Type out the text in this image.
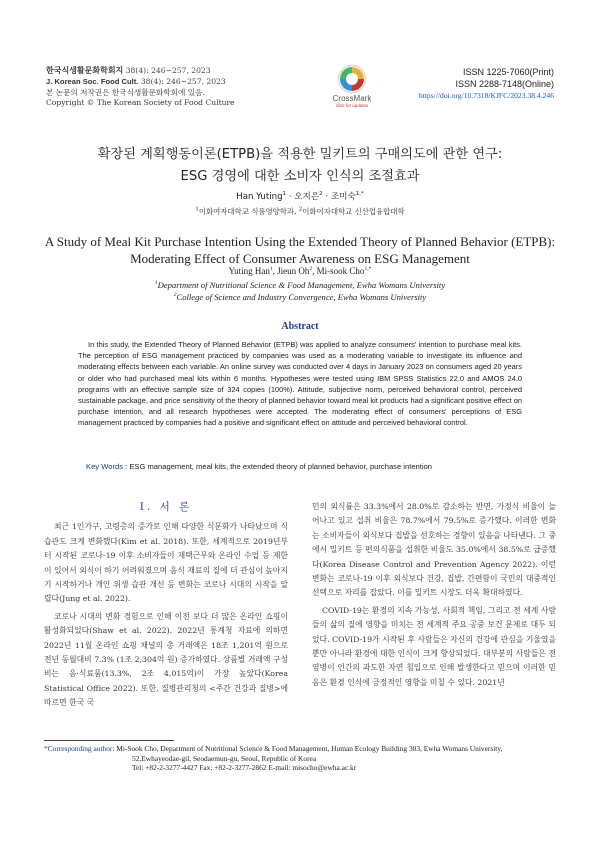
한국식생활문화학회지 38(4): 246~257, 2023
J. Korean Soc. Food Cult. 38(4): 246~257, 2023
본 논문의 저작권은 한국식생활문화학회에 있음.
Copyright © The Korean Society of Food Culture	CrossMark
click for updates
ISSN 1225-7060(Print)
ISSN 2288-7148(Online)
https://doi.org/10.7318/KJFC/2023.38.4.246
확장된 계획행동이론(ETPB)을 적용한 밀키트의 구매의도에 관한 연구:
ESG 경영에 대한 소비자 인식의 조절효과
Han Yuting$^1$ · 오지은$^2$ · 조미숙$^{1,*}$
$^1$이화여자대학교 식품영양학과, $^2$이화여자대학교 신산업융합대학
A Study of Meal Kit Purchase Intention Using the Extended Theory of Planned Behavior (ETPB):
Moderating Effect of Consumer Awareness on ESG Management
Yuting Han$^1$, Jieun Oh$^2$, Mi-sook Cho$^{1,*}$
$^1$Department of Nutritional Science & Food Management, Ewha Womans University
$^2$College of Science and Industry Convergence, Ewha Womans University
Abstract
In this study, the Extended Theory of Planned Behavior (ETPB) was applied to analyze consumers' intention to purchase meal kits. The perception of ESG management practiced by companies was used as a moderating variable to investigate its influence and moderating effects between each variable. An online survey was conducted over 4 days in January 2023 on consumers aged 20 years or older who had purchased meal kits within 6 months. Hypotheses were tested using IBM SPSS Statistics 22.0 and AMOS 24.0 programs with an effective sample size of 324 copies (100%). Attitude, subjective norm, perceived behavioral control, perceived sustainable package, and price sensitivity of the theory of planned behavior toward meal kit products had a significant positive effect on purchase intention, and all research hypotheses were accepted. The moderating effect of consumers' perceptions of ESG management practiced by companies had a positive and significant effect on attitude and perceived behavioral control.
Key Words : ESG management, meal kits, the extended theory of planned behavior, purchase intention
Ⅰ. 서 론

최근 1인가구, 고령층의 증가로 인해 다양한 식문화가 나타났으며 식습관도 크게 변화했다(Kim et al. 2018). 또한, 세계적으로 2019년부터 시작된 코로나-19 이후 소비자들이 재택근무와 온라인 수업 등 제한이 있어서 외식이 하기 어려워졌으며 음식 재료의 질에 더 관심이 높아지기 시작하거나 개인 위생 습관 개선 등 변화는 코로나 시대의 시작을 알렸다(Jung et al. 2022).

코로나 시대의 변화 경험으로 인해 이전 보다 더 많은 온라인 쇼핑이 활성화되었다(Shaw et al. 2022). 2022년 통계청 자료에 의하면 2022년 11월 온라인 쇼핑 채널의 총 거래액은 18조 1,201억 원으로 전년 동월대비 7.3% (1조 2,304억 원) 증가하였다. 상품별 거래액 구성비는 음·식료품(13.3%, 2조 4,015억)이 가장 높았다(Korea Statistical Office 2022). 또한, 질병관리청의 <주간 건강과 질병>에 따르면 한국 국

민의 외식률은 33.3%에서 28.0%로 감소하는 반면, 가정식 비율이 늘어나고 있고 섭취 비율은 78.7%에서 79.5%로 증가했다. 이러한 변화는 소비자들이 외식보다 집밥을 선호하는 경향이 있음을 나타낸다. 그 중에서 밀키트 등 편의식품을 섭취한 비율도 35.0%에서 38.5%로 급증했다(Korea Disease Control and Prevention Agency 2022). 이런 변화는 코로나-19 이후 외식보다 건강, 집밥, 간편함이 국민의 대중적인 선택으로 자리를 잡았다. 이를 밀키트 시장도 더욱 확대하였다.

COVID-19는 환경의 지속 가능성, 사회적 책임, 그리고 전 세계 사람들의 삶의 질에 영향을 미치는 전 세계적 주요 공중 보건 문제로 대두 되었다. COVID-19가 시작된 후 사람들은 자신의 건강에 관심을 기울였을 뿐만 아니라 환경에 대한 인식이 크게 향상되었다. 대부분의 사람들은 전염병이 인간의 과도한 자연 침입으로 인해 발생한다고 믿으며 이러한 믿음은 환경 인식에 긍정적인 영향을 미칠 수 있다. 2021년

*Corresponding author: Mi-Sook Cho, Department of Nutritional Science & Food Management, Human Ecology Building 303, Ewha Womans University,
52,Ewhayeodae-gil, Seodaemun-gu, Seoul, Republic of Korea
Tel: +82-2-3277-4427 Fax: +82-2-3277-2862 E-mail: misocho@ewha.ac.kr
